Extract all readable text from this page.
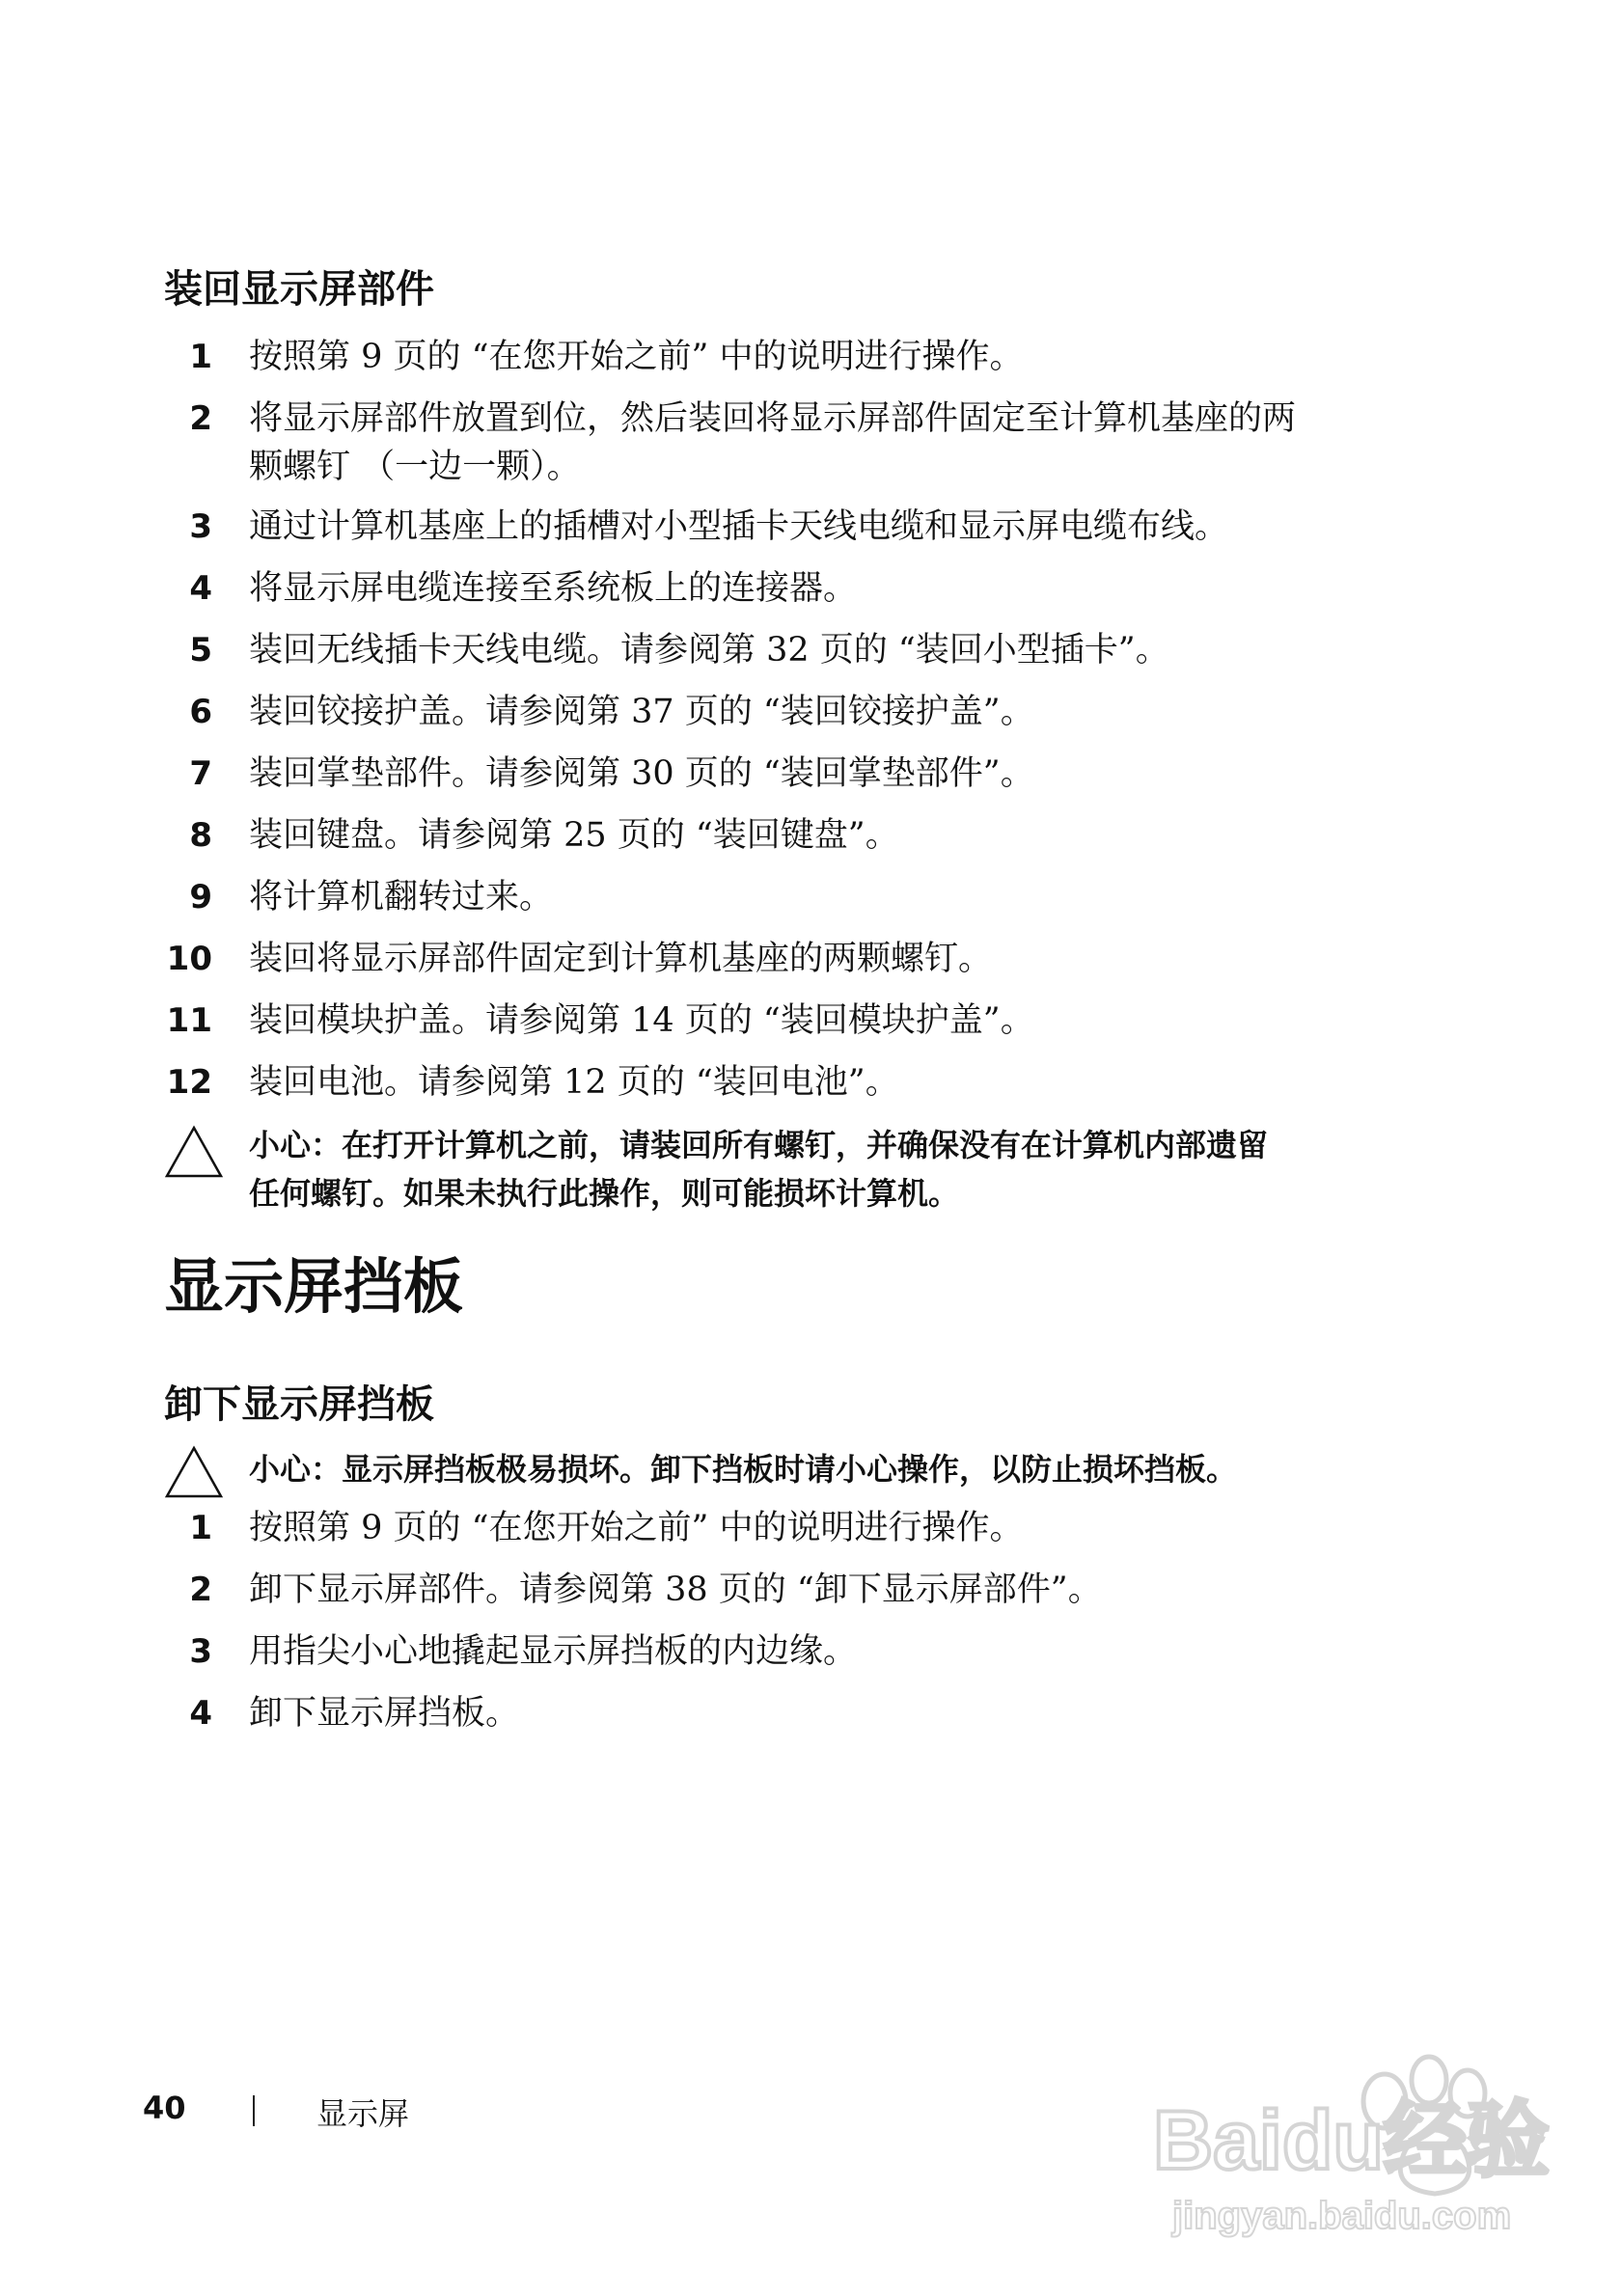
装回显示屏部件
1 按照第 9 页的 “在您开始之前” 中的说明进行操作。
2 将显示屏部件放置到位，然后装回将显示屏部件固定至计算机基座的两
颗螺钉 （一边一颗）。
3 通过计算机基座上的插槽对小型插卡天线电缆和显示屏电缆布线。
4 将显示屏电缆连接至系统板上的连接器。
5 装回无线插卡天线电缆。请参阅第 32 页的 “装回小型插卡”。
6 装回铰接护盖。请参阅第 37 页的 “装回铰接护盖”。
7 装回掌垫部件。请参阅第 30 页的 “装回掌垫部件”。
8 装回键盘。请参阅第 25 页的 “装回键盘”。
9 将计算机翻转过来。
10 装回将显示屏部件固定到计算机基座的两颗螺钉。
11 装回模块护盖。请参阅第 14 页的 “装回模块护盖”。
12 装回电池。请参阅第 12 页的 “装回电池”。
小心：在打开计算机之前，请装回所有螺钉，并确保没有在计算机内部遗留
任何螺钉。如果未执行此操作，则可能损坏计算机。
显示屏挡板
卸下显示屏挡板
小心：显示屏挡板极易损坏。卸下挡板时请小心操作，以防止损坏挡板。
1 按照第 9 页的 “在您开始之前” 中的说明进行操作。
2 卸下显示屏部件。请参阅第 38 页的 “卸下显示屏部件”。
3 用指尖小心地撬起显示屏挡板的内边缘。
4 卸下显示屏挡板。
40	显示屏	Baidu经验
jingyan.baidu.com
